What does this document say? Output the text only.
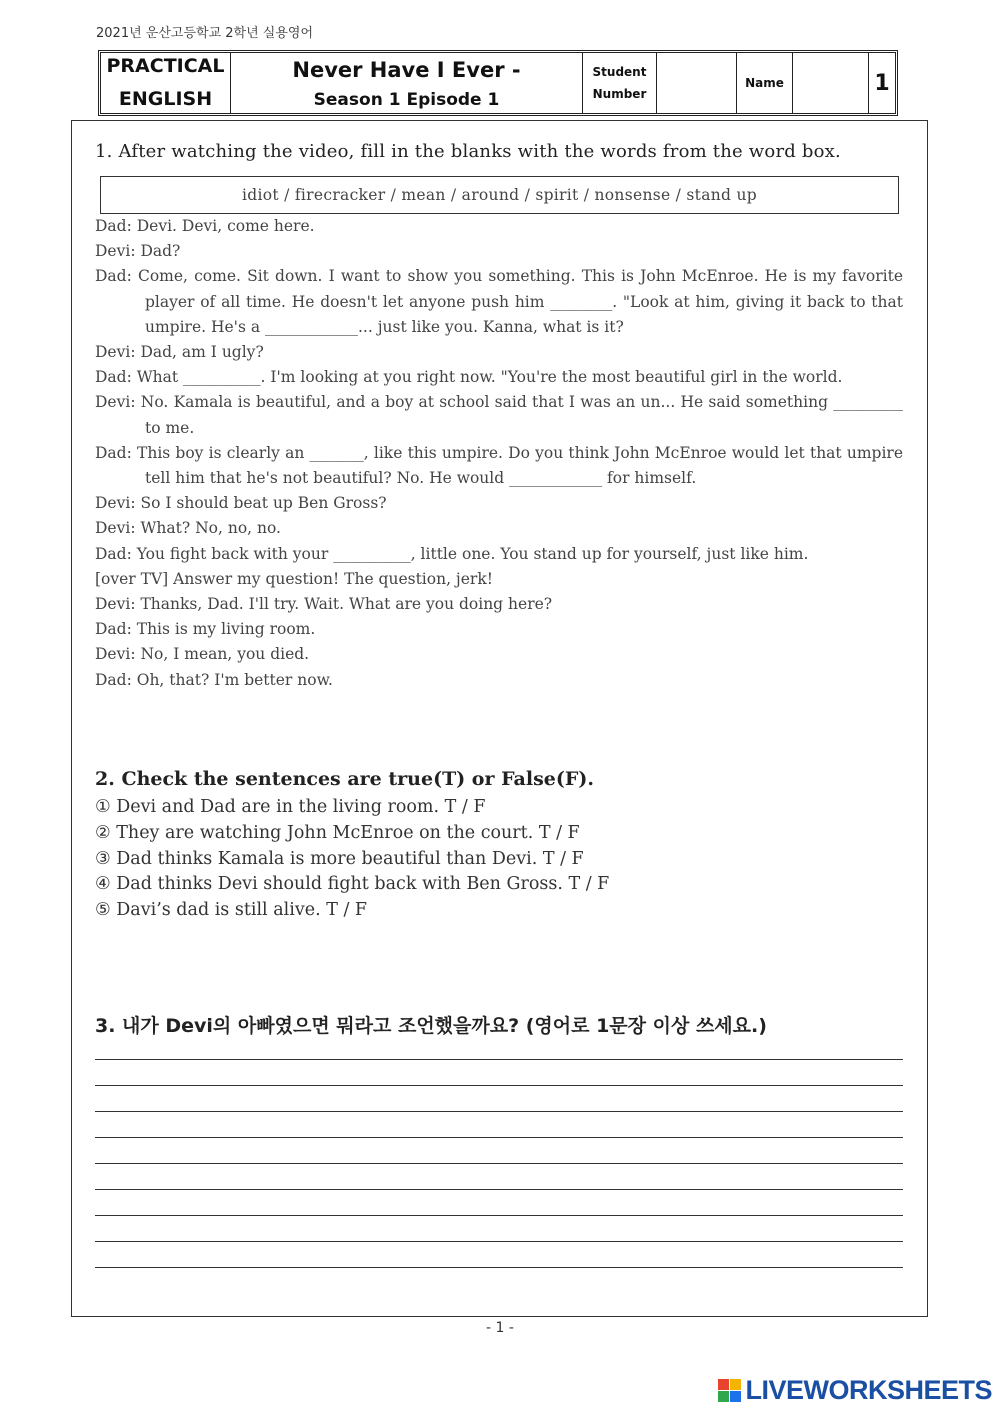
2021년 운산고등학교 2학년 실용영어
PRACTICAL
ENGLISH
Never Have I Ever -
Season 1 Episode 1
Student
Number
Name	1
1. After watching the video, fill in the blanks with the words from the word box.
idiot / firecracker / mean / around / spirit / nonsense / stand up
Dad: Devi. Devi, come here.
Devi: Dad?
Dad: Come, come. Sit down. I want to show you something. This is John McEnroe. He is my favorite player of all time. He doesn't let anyone push him ________. "Look at him, giving it back to that umpire. He's a ____________... just like you. Kanna, what is it?
Devi: Dad, am I ugly?
Dad: What __________. I'm looking at you right now. "You're the most beautiful girl in the world.
Devi: No. Kamala is beautiful, and a boy at school said that I was an un... He said something _________ to me.
Dad: This boy is clearly an _______, like this umpire. Do you think John McEnroe would let that umpire tell him that he's not beautiful? No. He would ____________ for himself.
Devi: So I should beat up Ben Gross?
Devi: What? No, no, no.
Dad: You fight back with your __________, little one. You stand up for yourself, just like him.
[over TV] Answer my question! The question, jerk!
Devi: Thanks, Dad. I'll try. Wait. What are you doing here?
Dad: This is my living room.
Devi: No, I mean, you died.
Dad: Oh, that? I'm better now.
2. Check the sentences are true(T) or False(F).
① Devi and Dad are in the living room. T / F
② They are watching John McEnroe on the court. T / F
③ Dad thinks Kamala is more beautiful than Devi. T / F
④ Dad thinks Devi should fight back with Ben Gross. T / F
⑤ Davi’s dad is still alive. T / F
3. 내가 Devi의 아빠였으면 뭐라고 조언했을까요? (영어로 1문장 이상 쓰세요.)
- 1 -
LIVEWORKSHEETS
